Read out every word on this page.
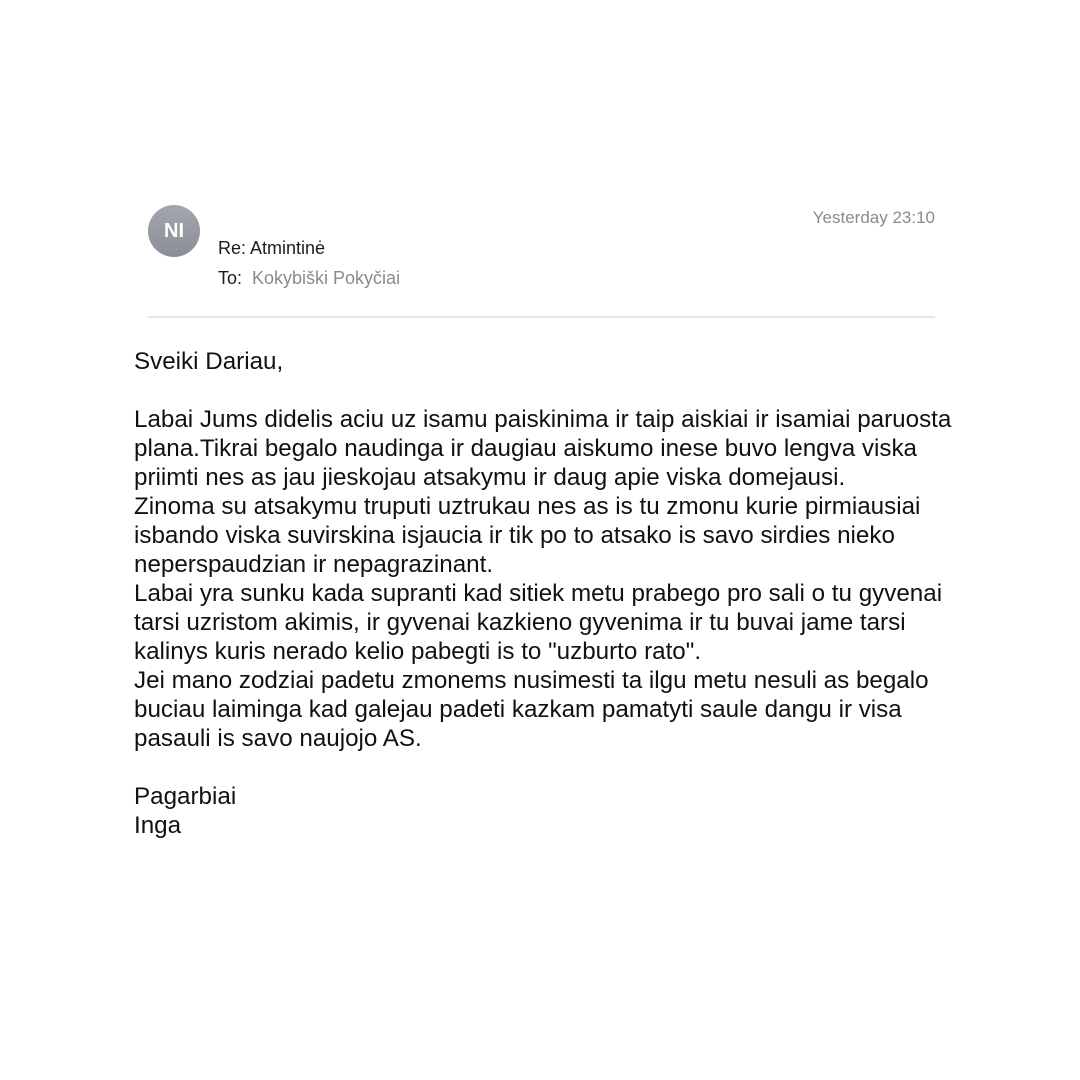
NI
Yesterday 23:10
Re: Atmintinė
To: Kokybiški Pokyčiai

Sveiki Dariau,

Labai Jums didelis aciu uz isamu paiskinima ir taip aiskiai ir isamiai paruosta plana.Tikrai begalo naudinga ir daugiau aiskumo inese buvo lengva viska priimti nes as jau jieskojau atsakymu ir daug apie viska domejausi.

Zinoma su atsakymu truputi uztrukau nes as is tu zmonu kurie pirmiausiai isbando viska suvirskina isjaucia ir tik po to atsako is savo sirdies nieko neperspaudzian ir nepagrazinant.

Labai yra sunku kada supranti kad sitiek metu prabego pro sali o tu gyvenai tarsi uzristom akimis, ir gyvenai kazkieno gyvenima ir tu buvai jame tarsi kalinys kuris nerado kelio pabegti is to "uzburto rato".

Jei mano zodziai padetu zmonems nusimesti ta ilgu metu nesuli as begalo buciau laiminga kad galejau padeti kazkam pamatyti saule dangu ir visa pasauli is savo naujojo AS.

Pagarbiai

Inga
